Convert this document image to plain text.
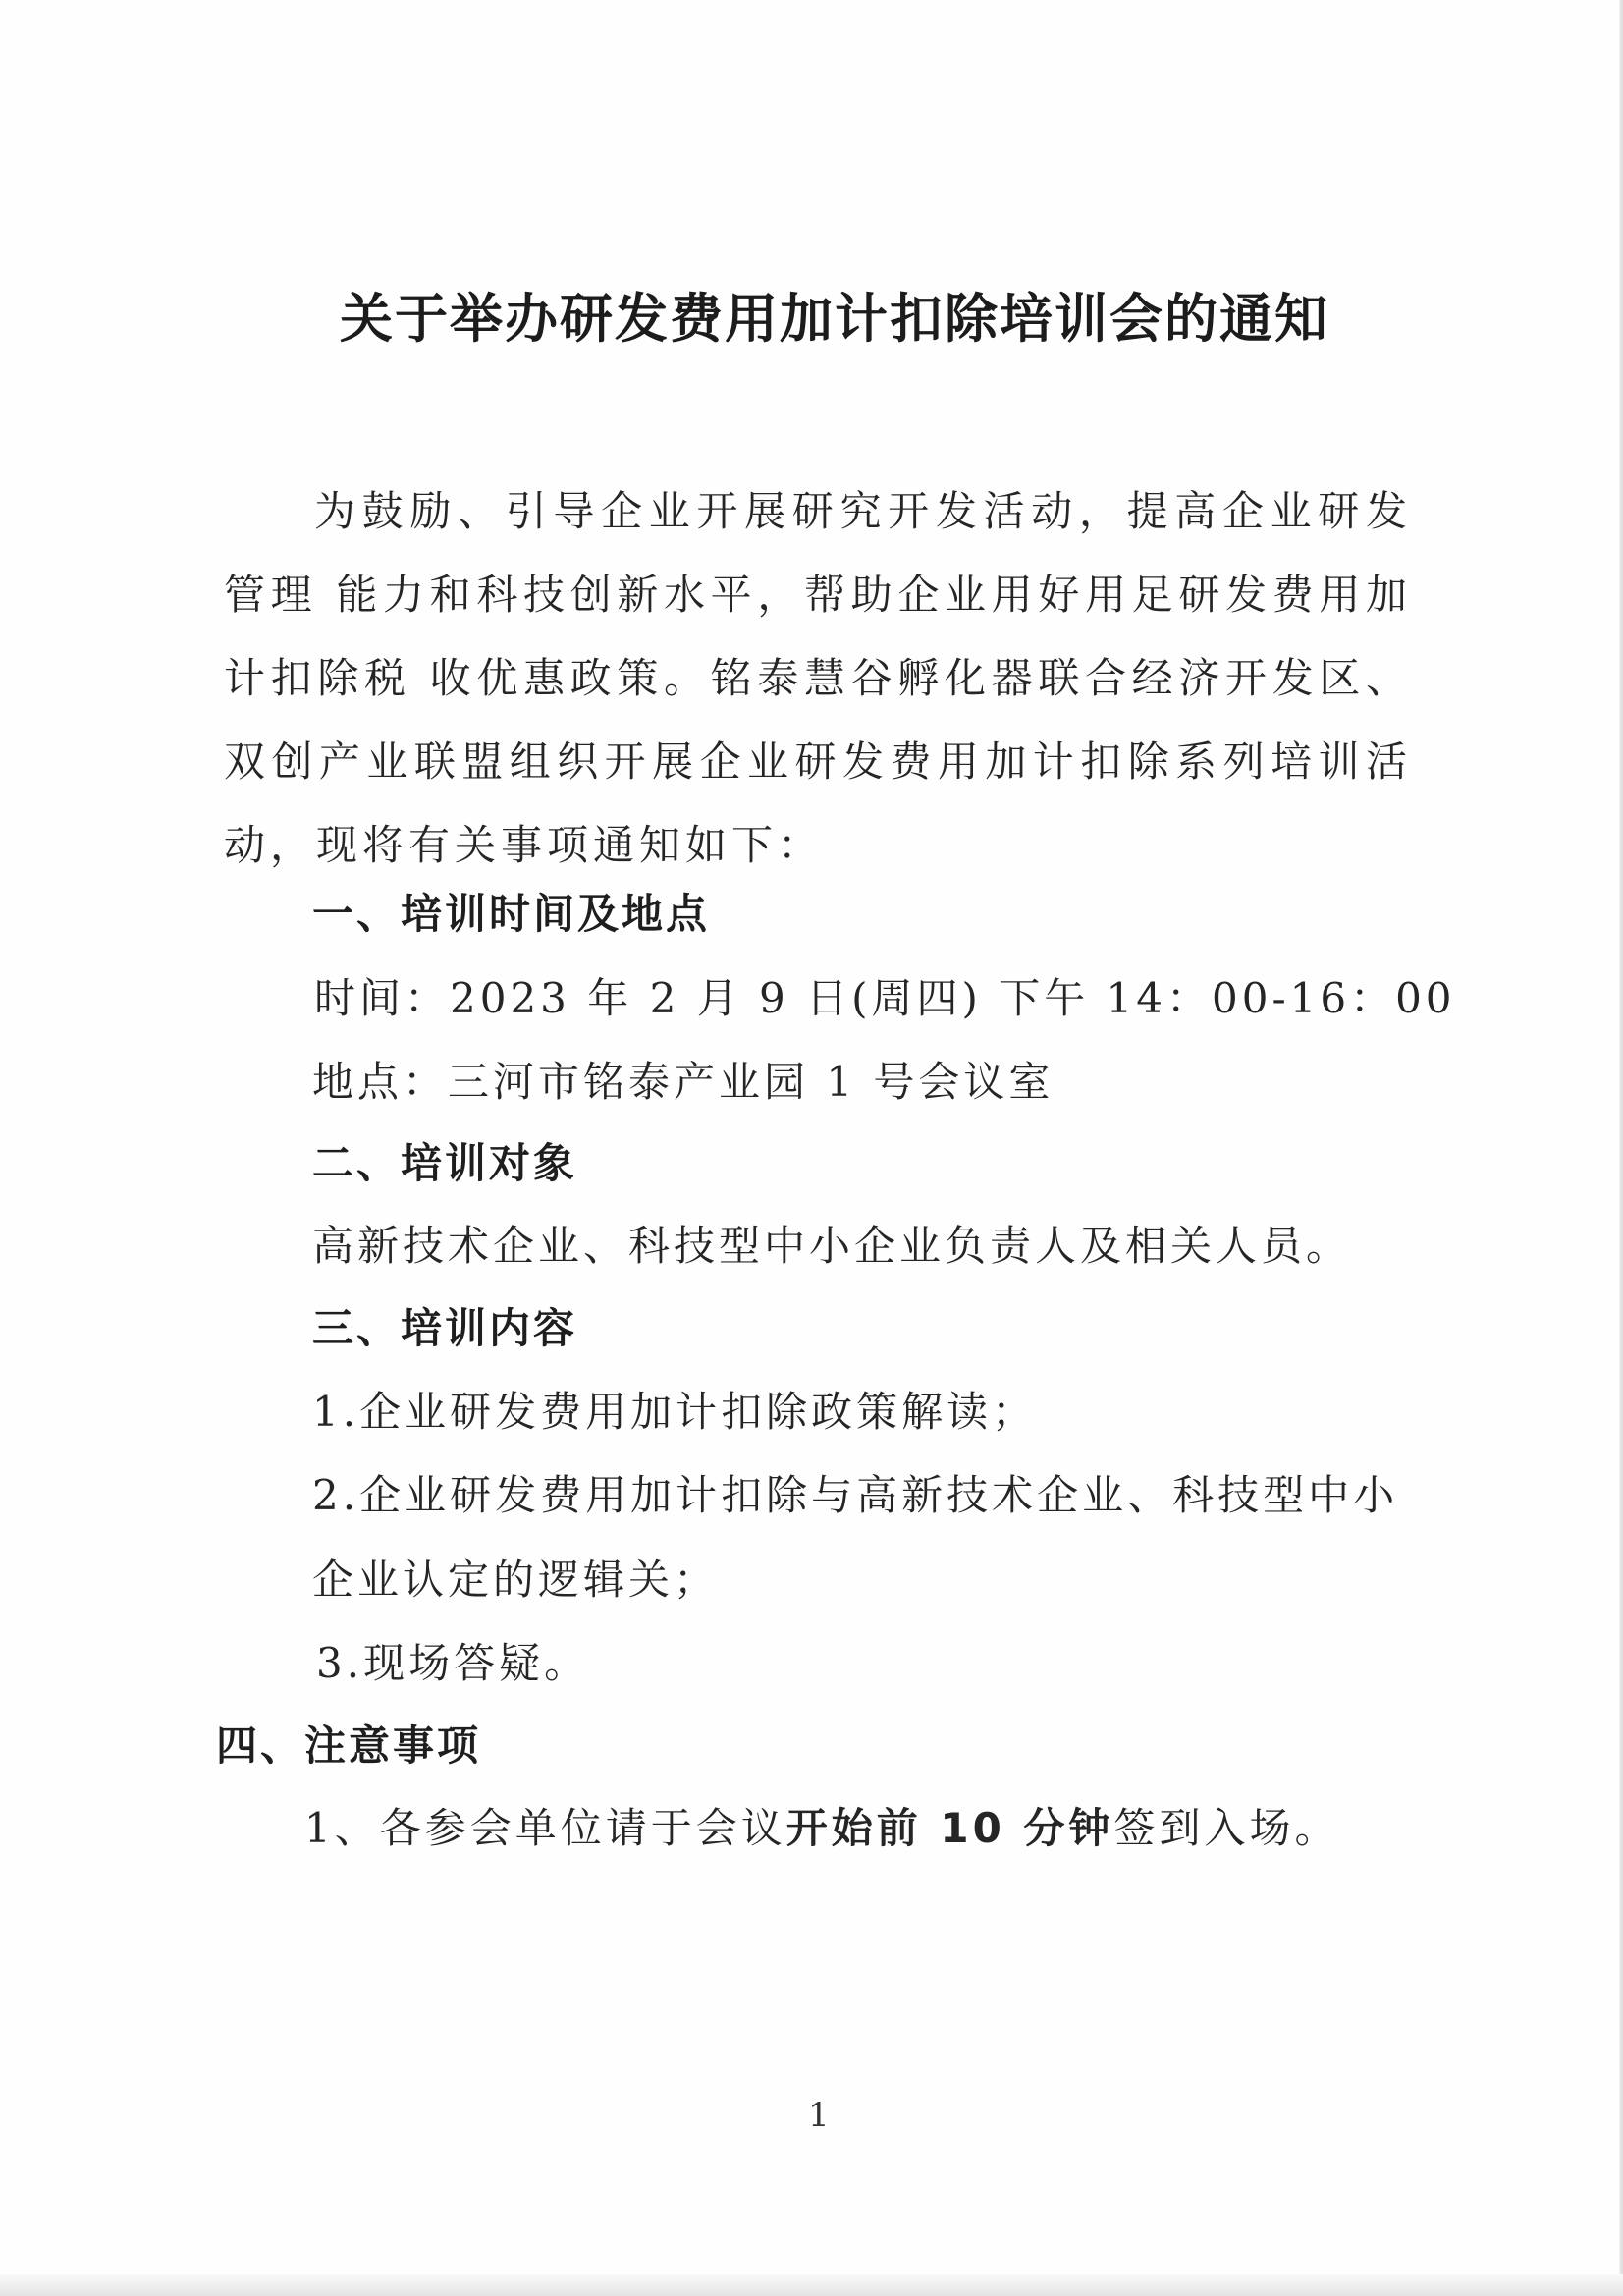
关于举办研发费用加计扣除培训会的通知
为鼓励、引导企业开展研究开发活动，提高企业研发管理 能力和科技创新水平，帮助企业用好用足研发费用加计扣除税 收优惠政策。铭泰慧谷孵化器联合经济开发区、双创产业联盟组织开展企业研发费用加计扣除系列培训活动，现将有关事项通知如下：
一、培训时间及地点
时间：2023 年 2 月 9 日(周四) 下午 14：00-16：00
地点：三河市铭泰产业园 1 号会议室
二、培训对象
高新技术企业、科技型中小企业负责人及相关人员。
三、培训内容
1.企业研发费用加计扣除政策解读；
2.企业研发费用加计扣除与高新技术企业、科技型中小
企业认定的逻辑关；
3.现场答疑。
四、注意事项
1、各参会单位请于会议开始前 10 分钟签到入场。
1
